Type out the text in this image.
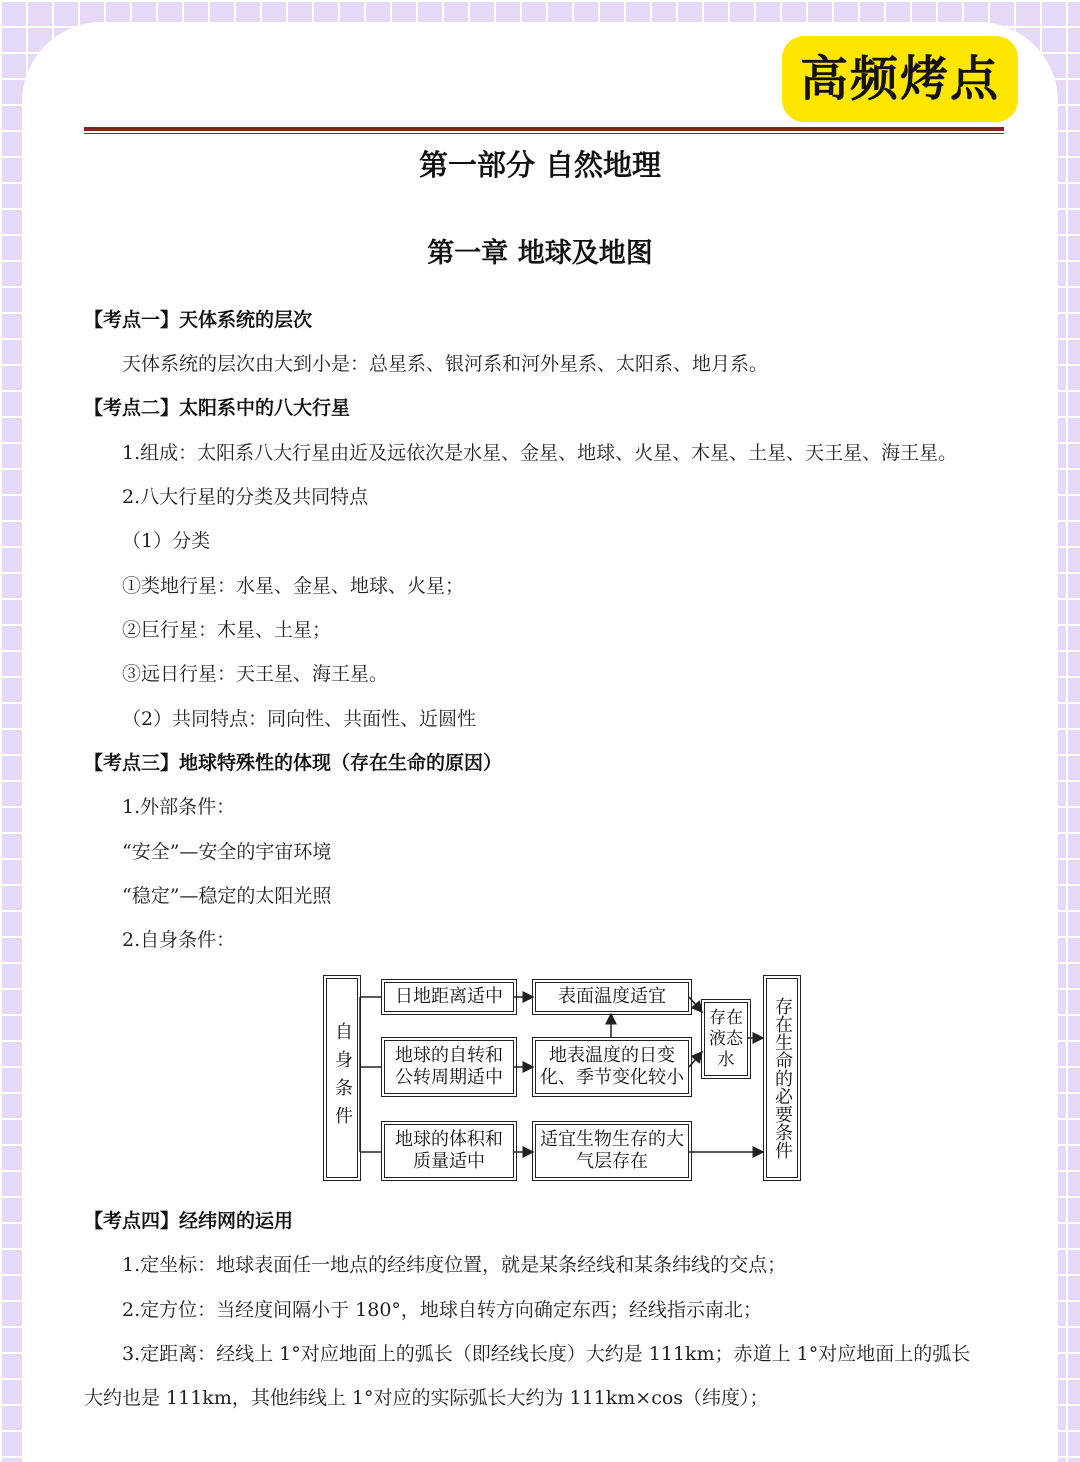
高频烤点
第一部分 自然地理
第一章 地球及地图
【考点一】天体系统的层次
天体系统的层次由大到小是：总星系、银河系和河外星系、太阳系、地月系。
【考点二】太阳系中的八大行星
1.组成：太阳系八大行星由近及远依次是水星、金星、地球、火星、木星、土星、天王星、海王星。
2.八大行星的分类及共同特点
（1）分类
①类地行星：水星、金星、地球、火星；
②巨行星：木星、土星；
③远日行星：天王星、海王星。
（2）共同特点：同向性、共面性、近圆性
【考点三】地球特殊性的体现（存在生命的原因）
1.外部条件：
“安全”—安全的宇宙环境
“稳定”—稳定的太阳光照
2.自身条件：
自身条件
日地距离适中
地球的自转和公转周期适中
地球的体积和质量适中
表面温度适宜
地表温度的日变化、季节变化较小
适宜生物生存的大气层存在
存在液态水	存在生命的必要条件
【考点四】经纬网的运用
1.定坐标：地球表面任一地点的经纬度位置，就是某条经线和某条纬线的交点；
2.定方位：当经度间隔小于 180°，地球自转方向确定东西；经线指示南北；
3.定距离：经线上 1°对应地面上的弧长（即经线长度）大约是 111km；赤道上 1°对应地面上的弧长
大约也是 111km，其他纬线上 1°对应的实际弧长大约为 111km×cos（纬度）；
